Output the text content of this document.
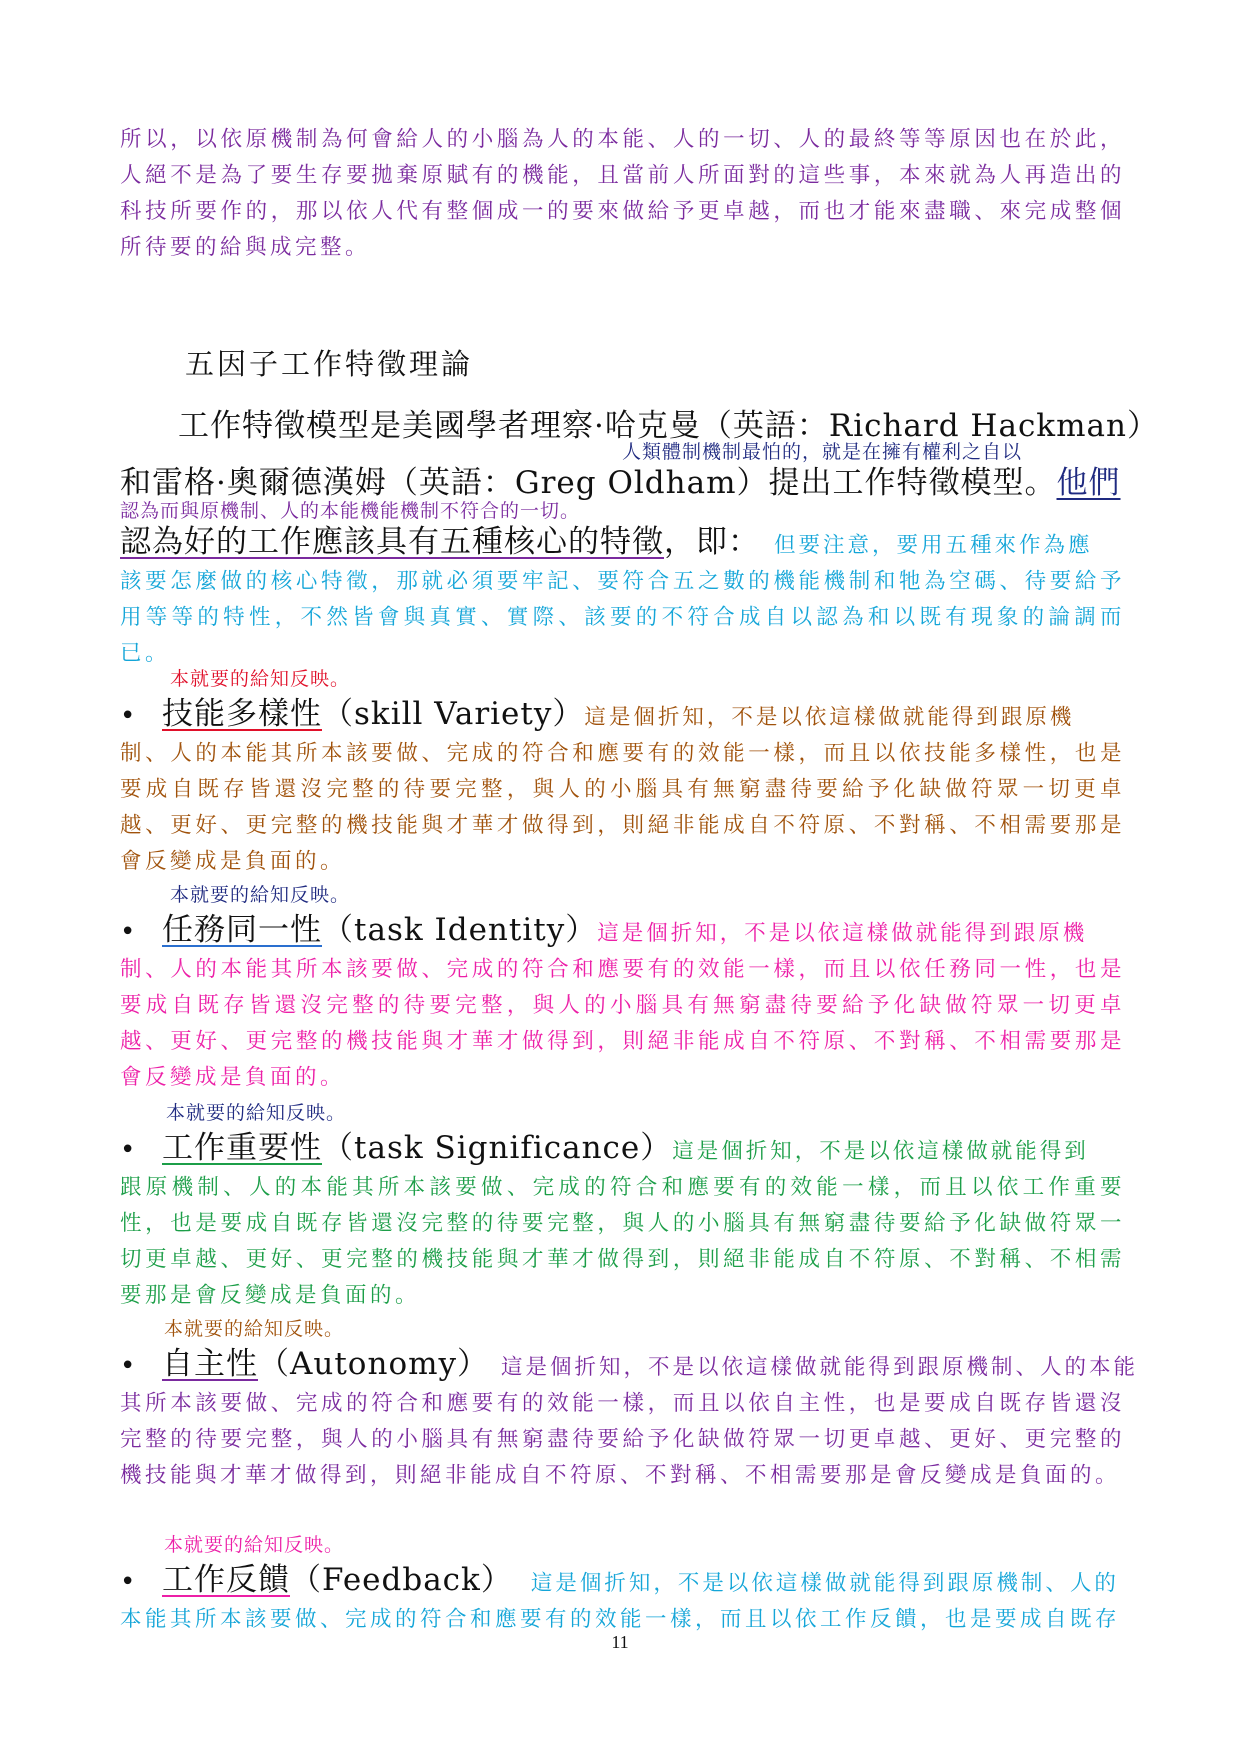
所以，以依原機制為何會給人的小腦為人的本能、人的一切、人的最終等等原因也在於此，人絕不是為了要生存要拋棄原賦有的機能，且當前人所面對的這些事，本來就為人再造出的科技所要作的，那以依人代有整個成一的要來做給予更卓越，而也才能來盡職、來完成整個所待要的給與成完整。

五因子工作特徵理論

工作特徵模型是美國學者理察·哈克曼（英語：Richard Hackman）

人類體制機制最怕的，就是在擁有權利之自以

和雷格·奧爾德漢姆（英語：Greg Oldham）提出工作特徵模型。他們

認為而與原機制、人的本能機能機制不符合的一切。

認為好的工作應該具有五種核心的特徵，即： 但要注意，要用五種來作為應

該要怎麼做的核心特徵，那就必須要牢記、要符合五之數的機能機制和牠為空碼、待要給予用等等的特性，不然皆會與真實、實際、該要的不符合成自以認為和以既有現象的論調而已。

本就要的給知反映。

• 技能多樣性（skill Variety）這是個折知，不是以依這樣做就能得到跟原機

制、人的本能其所本該要做、完成的符合和應要有的效能一樣，而且以依技能多樣性，也是要成自既存皆還沒完整的待要完整，與人的小腦具有無窮盡待要給予化缺做符眾一切更卓越、更好、更完整的機技能與才華才做得到，則絕非能成自不符原、不對稱、不相需要那是會反變成是負面的。

本就要的給知反映。

• 任務同一性（task Identity）這是個折知，不是以依這樣做就能得到跟原機

制、人的本能其所本該要做、完成的符合和應要有的效能一樣，而且以依任務同一性，也是要成自既存皆還沒完整的待要完整，與人的小腦具有無窮盡待要給予化缺做符眾一切更卓越、更好、更完整的機技能與才華才做得到，則絕非能成自不符原、不對稱、不相需要那是會反變成是負面的。

本就要的給知反映。

• 工作重要性（task Significance）這是個折知，不是以依這樣做就能得到

跟原機制、人的本能其所本該要做、完成的符合和應要有的效能一樣，而且以依工作重要性，也是要成自既存皆還沒完整的待要完整，與人的小腦具有無窮盡待要給予化缺做符眾一切更卓越、更好、更完整的機技能與才華才做得到，則絕非能成自不符原、不對稱、不相需要那是會反變成是負面的。

本就要的給知反映。

• 自主性（Autonomy） 這是個折知，不是以依這樣做就能得到跟原機制、人的本能

其所本該要做、完成的符合和應要有的效能一樣，而且以依自主性，也是要成自既存皆還沒完整的待要完整，與人的小腦具有無窮盡待要給予化缺做符眾一切更卓越、更好、更完整的機技能與才華才做得到，則絕非能成自不符原、不對稱、不相需要那是會反變成是負面的。

本就要的給知反映。

• 工作反饋（Feedback） 這是個折知，不是以依這樣做就能得到跟原機制、人的

本能其所本該要做、完成的符合和應要有的效能一樣，而且以依工作反饋，也是要成自既存

11
